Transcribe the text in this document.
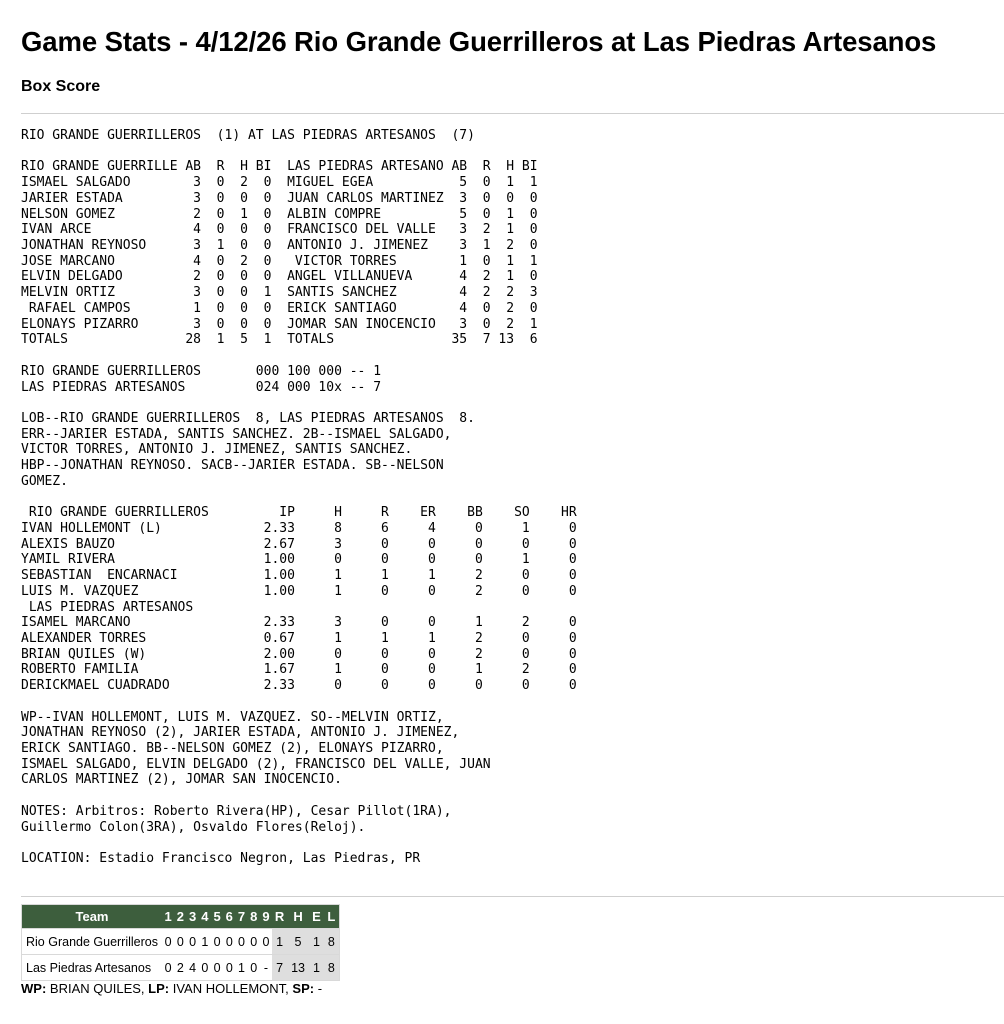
Game Stats - 4/12/26 Rio Grande Guerrilleros at Las Piedras Artesanos
Box Score
RIO GRANDE GUERRILLEROS  (1) AT LAS PIEDRAS ARTESANOS  (7)

RIO GRANDE GUERRILLE AB  R  H BI  LAS PIEDRAS ARTESANO AB  R  H BI
ISMAEL SALGADO        3  0  2  0  MIGUEL EGEA           5  0  1  1
JARIER ESTADA         3  0  0  0  JUAN CARLOS MARTINEZ  3  0  0  0
NELSON GOMEZ          2  0  1  0  ALBIN COMPRE          5  0  1  0
IVAN ARCE             4  0  0  0  FRANCISCO DEL VALLE   3  2  1  0
JONATHAN REYNOSO      3  1  0  0  ANTONIO J. JIMENEZ    3  1  2  0
JOSE MARCANO          4  0  2  0   VICTOR TORRES        1  0  1  1
ELVIN DELGADO         2  0  0  0  ANGEL VILLANUEVA      4  2  1  0
MELVIN ORTIZ          3  0  0  1  SANTIS SANCHEZ        4  2  2  3
RAFAEL CAMPOS        1  0  0  0  ERICK SANTIAGO        4  0  2  0
ELONAYS PIZARRO       3  0  0  0  JOMAR SAN INOCENCIO   3  0  2  1
TOTALS               28  1  5  1  TOTALS               35  7 13  6

RIO GRANDE GUERRILLEROS       000 100 000 -- 1
LAS PIEDRAS ARTESANOS         024 000 10x -- 7

LOB--RIO GRANDE GUERRILLEROS  8, LAS PIEDRAS ARTESANOS  8.
ERR--JARIER ESTADA, SANTIS SANCHEZ. 2B--ISMAEL SALGADO,
VICTOR TORRES, ANTONIO J. JIMENEZ, SANTIS SANCHEZ.
HBP--JONATHAN REYNOSO. SACB--JARIER ESTADA. SB--NELSON
GOMEZ.

RIO GRANDE GUERRILLEROS         IP     H     R    ER    BB    SO    HR
IVAN HOLLEMONT (L)             2.33     8     6     4     0     1     0
ALEXIS BAUZO                   2.67     3     0     0     0     0     0
YAMIL RIVERA                   1.00     0     0     0     0     1     0
SEBASTIAN  ENCARNACI           1.00     1     1     1     2     0     0
LUIS M. VAZQUEZ                1.00     1     0     0     2     0     0
LAS PIEDRAS ARTESANOS
ISAMEL MARCANO                 2.33     3     0     0     1     2     0
ALEXANDER TORRES               0.67     1     1     1     2     0     0
BRIAN QUILES (W)               2.00     0     0     0     2     0     0
ROBERTO FAMILIA                1.67     1     0     0     1     2     0
DERICKMAEL CUADRADO            2.33     0     0     0     0     0     0

WP--IVAN HOLLEMONT, LUIS M. VAZQUEZ. SO--MELVIN ORTIZ,
JONATHAN REYNOSO (2), JARIER ESTADA, ANTONIO J. JIMENEZ,
ERICK SANTIAGO. BB--NELSON GOMEZ (2), ELONAYS PIZARRO,
ISMAEL SALGADO, ELVIN DELGADO (2), FRANCISCO DEL VALLE, JUAN
CARLOS MARTINEZ (2), JOMAR SAN INOCENCIO.

NOTES: Arbitros: Roberto Rivera(HP), Cesar Pillot(1RA),
Guillermo Colon(3RA), Osvaldo Flores(Reloj).

LOCATION: Estadio Francisco Negron, Las Piedras, PR
Team	1	2	3	4	5	6	7	8	9	R	H	E	L
Rio Grande Guerrilleros	0	0	0	1	0	0	0	0	0	1	5	1	8
Las Piedras Artesanos	0	2	4	0	0	0	1	0	-	7	13	1	8
WP: BRIAN QUILES, LP: IVAN HOLLEMONT, SP: -
